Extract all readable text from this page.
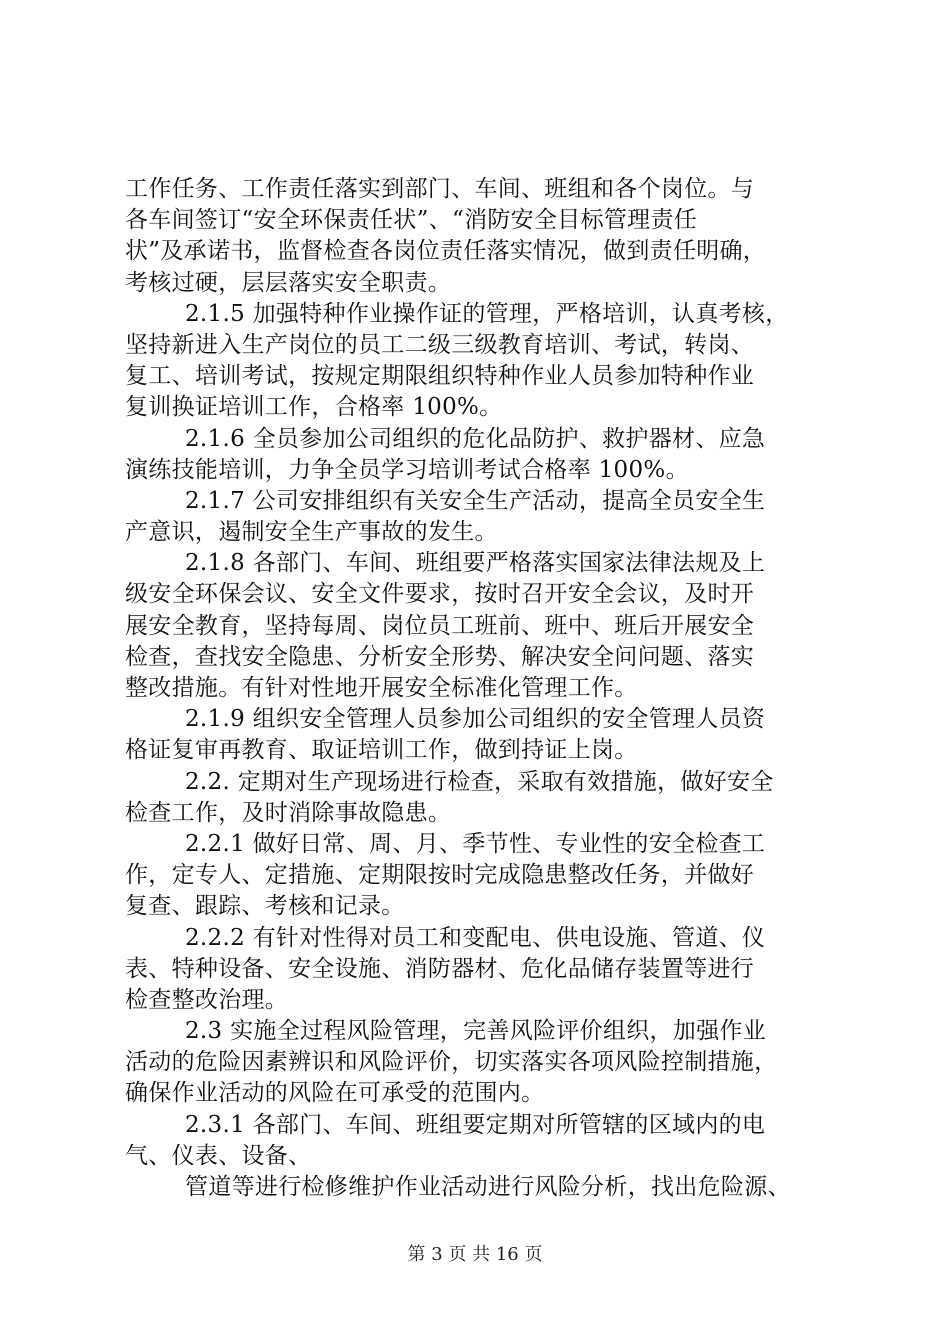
工作任务、工作责任落实到部门、车间、班组和各个岗位。与
各车间签订“安全环保责任状”、“消防安全目标管理责任
状”及承诺书，监督检查各岗位责任落实情况，做到责任明确，
考核过硬，层层落实安全职责。
2.1.5 加强特种作业操作证的管理，严格培训，认真考核，
坚持新进入生产岗位的员工二级三级教育培训、考试，转岗、
复工、培训考试，按规定期限组织特种作业人员参加特种作业
复训换证培训工作，合格率 100%。
2.1.6 全员参加公司组织的危化品防护、救护器材、应急
演练技能培训，力争全员学习培训考试合格率 100%。
2.1.7 公司安排组织有关安全生产活动，提高全员安全生
产意识，遏制安全生产事故的发生。
2.1.8 各部门、车间、班组要严格落实国家法律法规及上
级安全环保会议、安全文件要求，按时召开安全会议，及时开
展安全教育，坚持每周、岗位员工班前、班中、班后开展安全
检查，查找安全隐患、分析安全形势、解决安全问问题、落实
整改措施。有针对性地开展安全标准化管理工作。
2.1.9 组织安全管理人员参加公司组织的安全管理人员资
格证复审再教育、取证培训工作，做到持证上岗。
2.2. 定期对生产现场进行检查，采取有效措施，做好安全
检查工作，及时消除事故隐患。
2.2.1 做好日常、周、月、季节性、专业性的安全检查工
作，定专人、定措施、定期限按时完成隐患整改任务，并做好
复查、跟踪、考核和记录。
2.2.2 有针对性得对员工和变配电、供电设施、管道、仪
表、特种设备、安全设施、消防器材、危化品储存装置等进行
检查整改治理。
2.3 实施全过程风险管理，完善风险评价组织，加强作业
活动的危险因素辨识和风险评价，切实落实各项风险控制措施，
确保作业活动的风险在可承受的范围内。
2.3.1 各部门、车间、班组要定期对所管辖的区域内的电
气、仪表、设备、
管道等进行检修维护作业活动进行风险分析，找出危险源、
第 3 页 共 16 页
